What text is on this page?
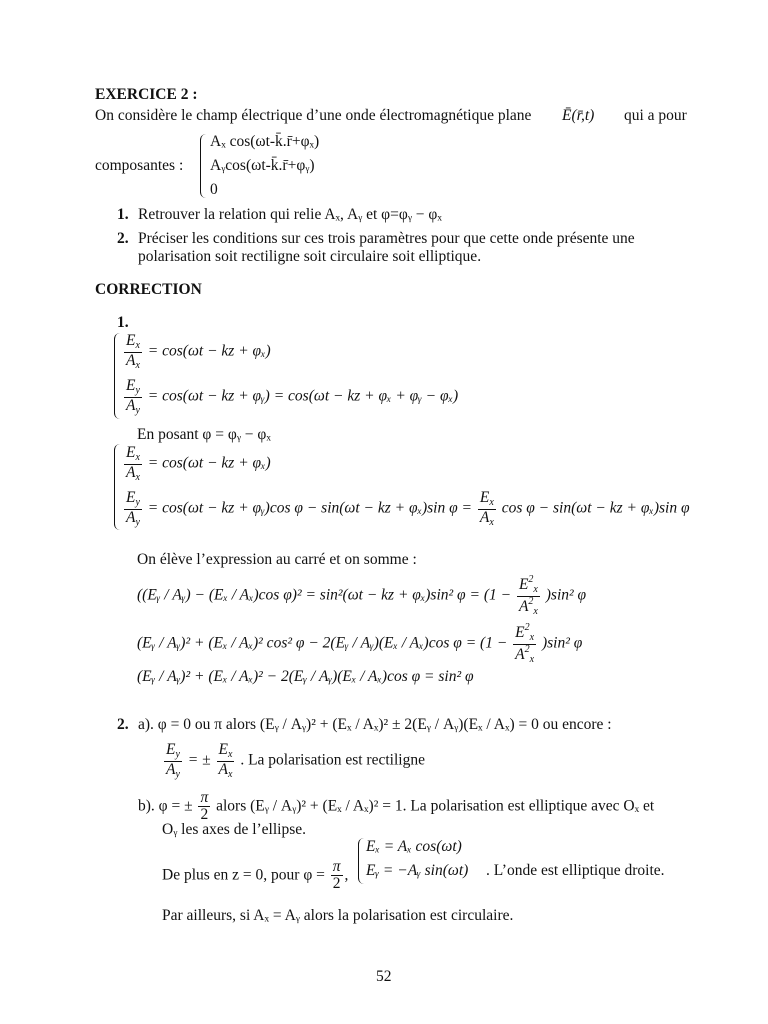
EXERCICE 2 :
On considère le champ électrique d’une onde électromagnétique plane Ē(r̄,t) qui a pour
composantes :
Aₓ cos(ωt-k̄.r̄+φₓ)
Aᵧcos(ωt-k̄.r̄+φᵧ)
0
1. Retrouver la relation qui relie Aₓ, Aᵧ et φ=φᵧ − φₓ
2. Préciser les conditions sur ces trois paramètres pour que cette onde présente une
polarisation soit rectiligne soit circulaire soit elliptique.
CORRECTION
1.
$\frac{E_x}{A_x} = \cos(\omega t$ − kz + φₓ)
$\frac{E_y}{A_y} = \cos(\omega t$ − kz + φᵧ) = cos(ωt − kz + φₓ + φᵧ − φₓ)
En posant φ = φᵧ − φₓ
$\frac{E_x}{A_x} = \cos(\omega t$ − kz + φₓ)
$\frac{E_y}{A_y} = \cos(\omega t$ − kz + φᵧ)cos φ − sin(ωt − kz + φₓ)sin $\varphi = \frac{E_x}{A_x}$ cos φ − sin(ωt − kz + φₓ)sin φ
On élève l’expression au carré et on somme :
((Eᵧ / Aᵧ) − (Eₓ / Aₓ)cos φ)² = sin²(ωt − kz + φₓ)sin² $\varphi = (1 - \frac{E^2_x}{A^2_x} )\sin^2$ φ
(Eᵧ / Aᵧ)² + (Eₓ / Aₓ)² cos² φ − 2(Eᵧ / Aᵧ)(Eₓ / Aₓ)cos $\varphi = (1 - \frac{E^2_x}{A^2_x} )\sin^2$ φ
(Eᵧ / Aᵧ)² + (Eₓ / Aₓ)² − 2(Eᵧ / Aᵧ)(Eₓ / Aₓ)cos φ = sin² φ
2. a). φ = 0 ou π alors (Eᵧ / Aᵧ)² + (Eₓ / Aₓ)² ± 2(Eᵧ / Aᵧ)(Eₓ / Aₓ) = 0 ou encore :
$\frac{E_y}{A_y}$ = ± $\frac{E_x}{A_x}$ . La polarisation est rectiligne
b). φ = ± $\frac{\pi}{2}$ alors (Eᵧ / Aᵧ)² + (Eₓ / Aₓ)² = 1. La polarisation est elliptique avec Oₓ et
Oᵧ les axes de l’ellipse.
De plus en z = 0, pour $\varphi = \frac{\pi}{2}$ ,
Eₓ = Aₓ cos(ωt)
Eᵧ = −Aᵧ sin(ωt) . L’onde est elliptique droite.
Par ailleurs, si Aₓ = Aᵧ alors la polarisation est circulaire.
52
